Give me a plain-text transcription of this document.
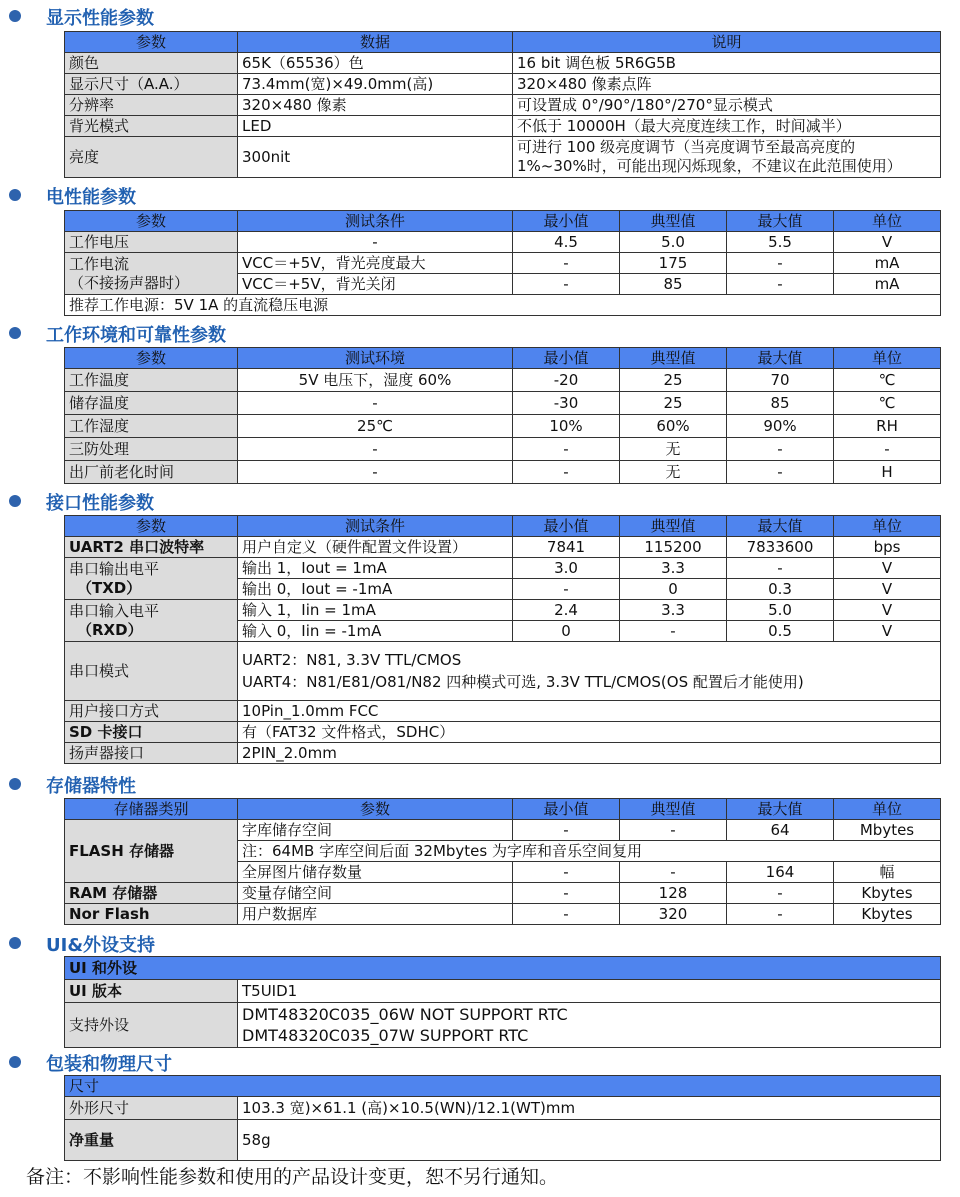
显示性能参数
参数	数据	说明
颜色	65K（65536）色	16 bit 调色板 5R6G5B
显示尺寸（A.A.）	73.4mm(宽)×49.0mm(高)	320×480 像素点阵
分辨率	320×480 像素	可设置成 0°/90°/180°/270°显示模式
背光模式	LED	不低于 10000H（最大亮度连续工作，时间减半）
亮度	300nit	可进行 100 级亮度调节（当亮度调节至最高亮度的
1%~30%时，可能出现闪烁现象，不建议在此范围使用）
电性能参数
参数	测试条件	最小值	典型值	最大值	单位
工作电压	-	4.5	5.0	5.5	V

工作电流
（不接扬声器时）	VCC＝+5V，背光亮度最大	-	175	-	mA
	VCC＝+5V，背光关闭	-	85	-	mA
推荐工作电源：5V 1A 的直流稳压电源					
工作环境和可靠性参数
参数	测试环境	最小值	典型值	最大值	单位
工作温度	5V 电压下，湿度 60%	-20	25	70	℃
储存温度	-	-30	25	85	℃
工作湿度	25℃	10%	60%	90%	RH
三防处理	-	-	无	-	-
出厂前老化时间	-	-	无	-	H
接口性能参数
参数	测试条件	最小值	典型值	最大值	单位
UART2 串口波特率	用户自定义（硬件配置文件设置）	7841	115200	7833600	bps

串口输出电平
（TXD）	输出 1，Iout = 1mA	3.0	3.3	-	V
	输出 0，Iout = -1mA	-	0	0.3	V

串口输入电平
（RXD）	输入 1，Iin = 1mA	2.4	3.3	5.0	V
	输入 0，Iin = -1mA	0	-	0.5	V
串口模式	UART2：N81, 3.3V TTL/CMOS
UART4：N81/E81/O81/N82 四种模式可选, 3.3V TTL/CMOS(OS 配置后才能使用)				

用户接口方式	10Pin_1.0mm FCC				
SD 卡接口	有（FAT32 文件格式，SDHC）				
扬声器接口	2PIN_2.0mm				
存储器特性
存储器类别	参数	最小值	典型值	最大值	单位
FLASH 存储器	字库储存空间	-	-	64	Mbytes
	注：64MB 字库空间后面 32Mbytes 为字库和音乐空间复用				
	全屏图片储存数量	-	-	164	幅
RAM 存储器	变量存储空间	-	128	-	Kbytes
Nor Flash	用户数据库	-	320	-	Kbytes
UI&外设支持
UI 和外设	
UI 版本	T5UID1
支持外设	DMT48320C035_06W NOT SUPPORT RTC
DMT48320C035_07W SUPPORT RTC
包装和物理尺寸
尺寸	
外形尺寸	103.3 宽)×61.1 (高)×10.5(WN)/12.1(WT)mm
净重量	58g
备注：不影响性能参数和使用的产品设计变更，恕不另行通知。
